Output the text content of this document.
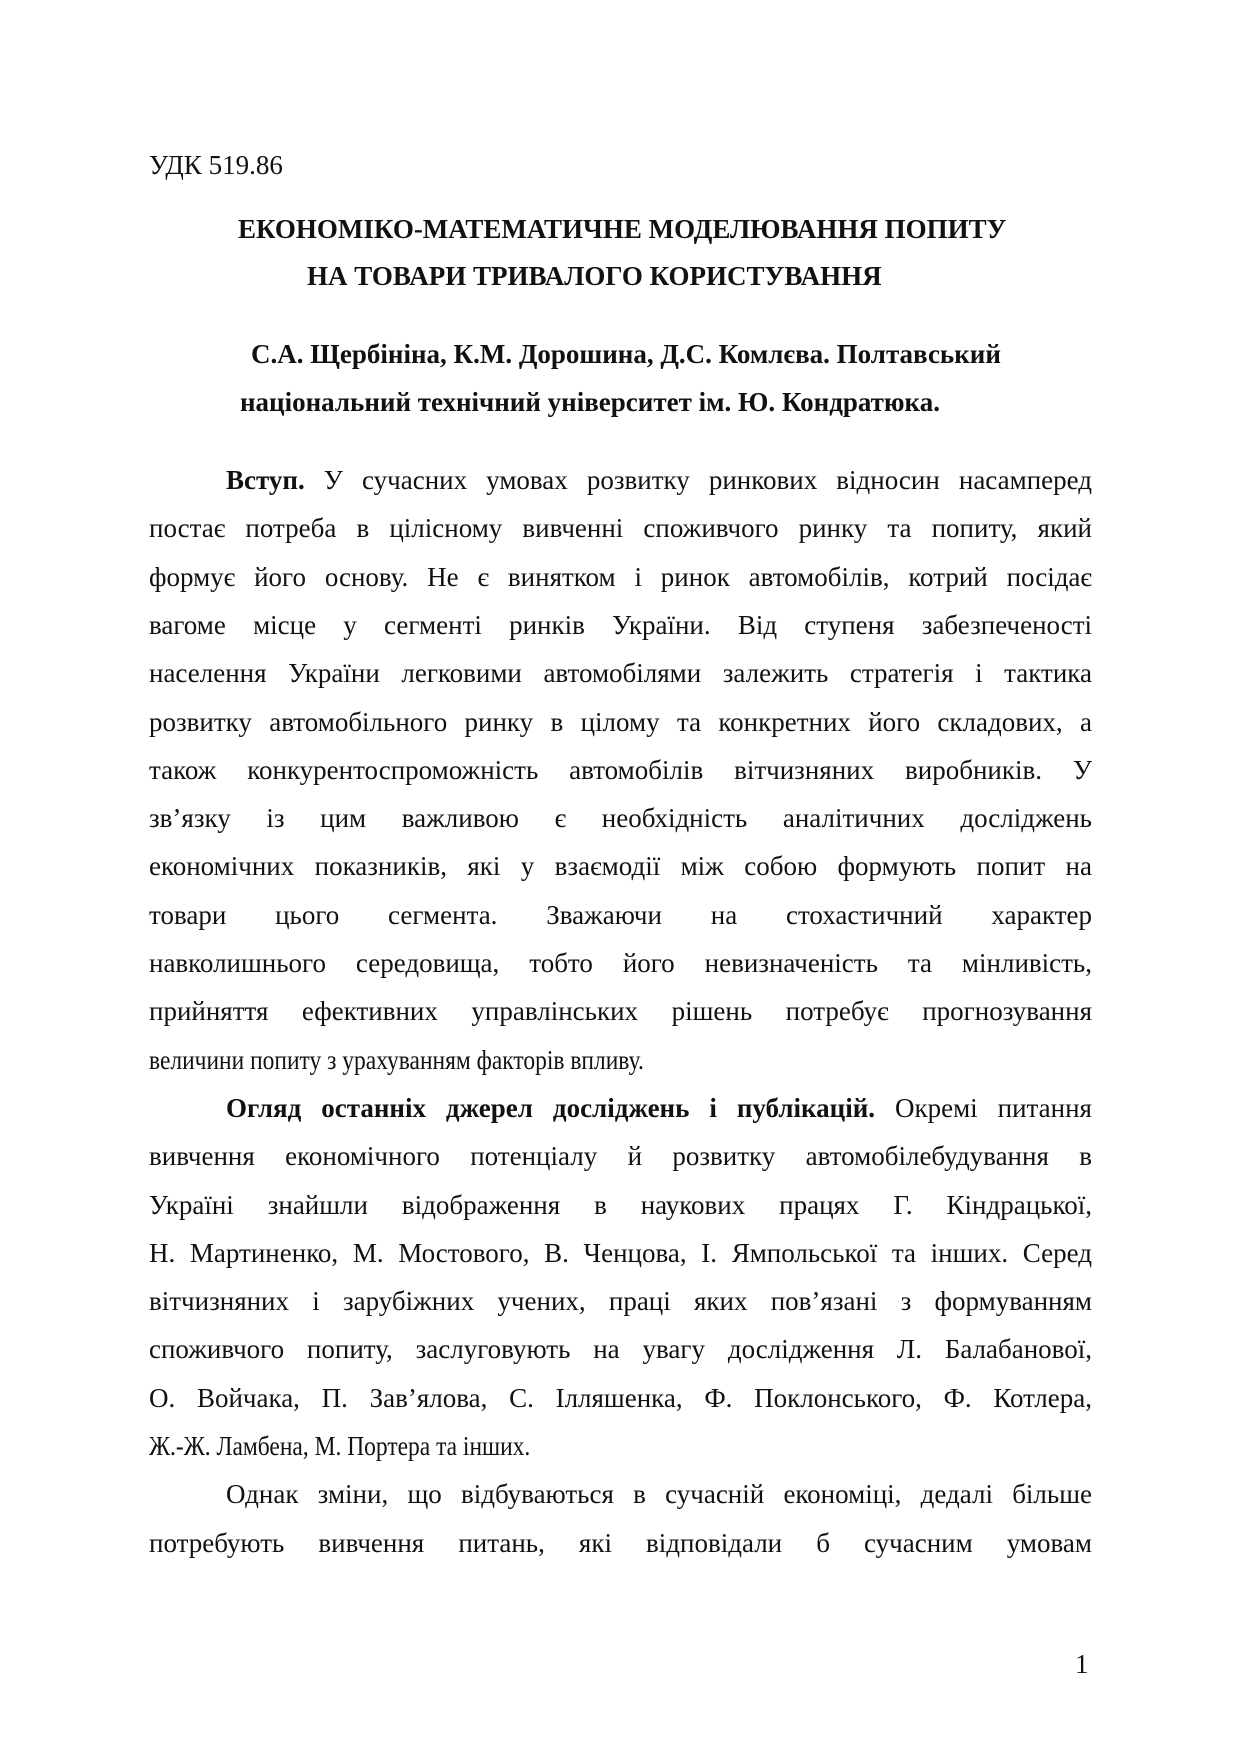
УДК 519.86
ЕКОНОМІКО-МАТЕМАТИЧНЕ МОДЕЛЮВАННЯ ПОПИТУ
НА ТОВАРИ ТРИВАЛОГО КОРИСТУВАННЯ
С.А. Щербініна, К.М. Дорошина, Д.С. Комлєва. Полтавський
національний технічний університет ім. Ю. Кондратюка.
Вступ. У сучасних умовах розвитку ринкових відносин насамперед
постає потреба в цілісному вивченні споживчого ринку та попиту, який
формує його основу. Не є винятком і ринок автомобілів, котрий посідає
вагоме місце у сегменті ринків України. Від ступеня забезпеченості
населення України легковими автомобілями залежить стратегія і тактика
розвитку автомобільного ринку в цілому та конкретних його складових, а
також конкурентоспроможність автомобілів вітчизняних виробників. У
зв’язку із цим важливою є необхідність аналітичних досліджень
економічних показників, які у взаємодії між собою формують попит на
товари цього сегмента. Зважаючи на стохастичний характер
навколишнього середовища, тобто його невизначеність та мінливість,
прийняття ефективних управлінських рішень потребує прогнозування
величини попиту з урахуванням факторів впливу.
Огляд останніх джерел досліджень і публікацій. Окремі питання
вивчення економічного потенціалу й розвитку автомобілебудування в
Україні знайшли відображення в наукових працях Г. Кіндрацької,
Н. Мартиненко, М. Мостового, В. Ченцова, І. Ямпольської та інших. Серед
вітчизняних і зарубіжних учених, праці яких пов’язані з формуванням
споживчого попиту, заслуговують на увагу дослідження Л. Балабанової,
О. Войчака, П. Зав’ялова, С. Ілляшенка, Ф. Поклонського, Ф. Котлера,
Ж.-Ж. Ламбена, М. Портера та інших.
Однак зміни, що відбуваються в сучасній економіці, дедалі більше
потребують вивчення питань, які відповідали б сучасним умовам
1
